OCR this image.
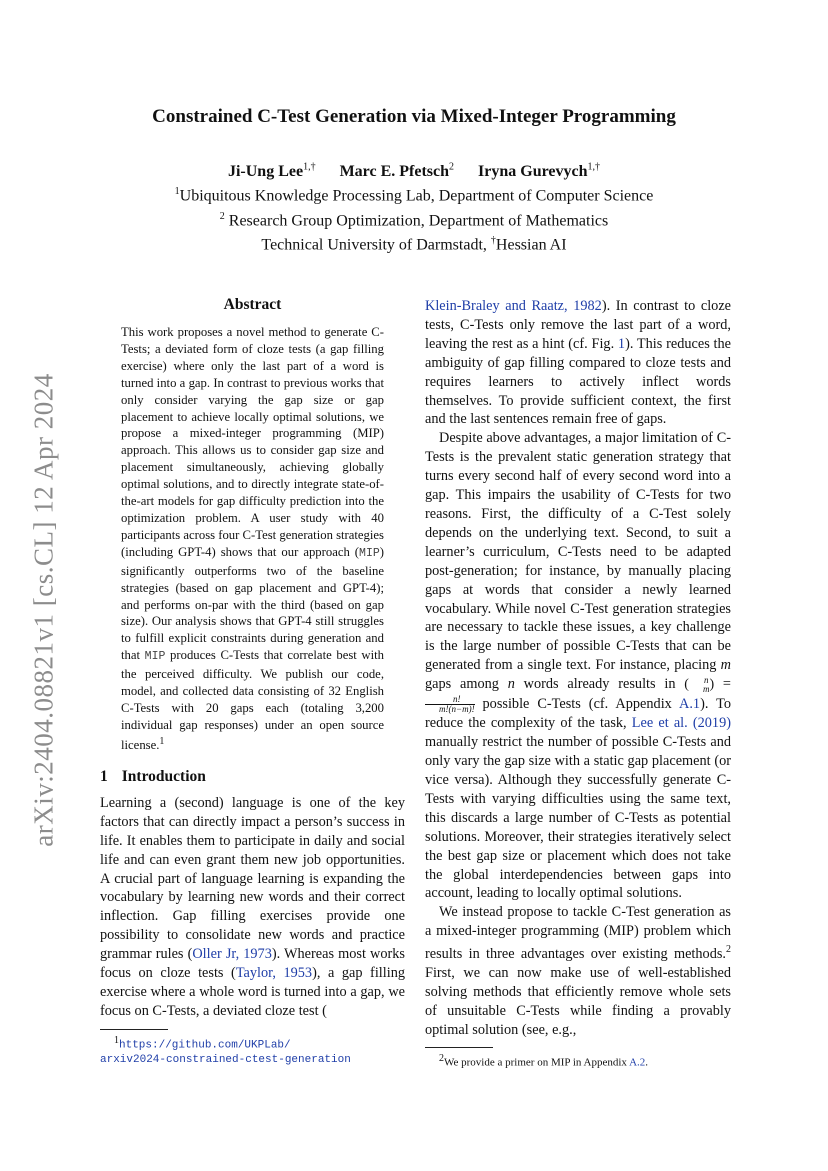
arXiv:2404.08821v1 [cs.CL] 12 Apr 2024
Constrained C-Test Generation via Mixed-Integer Programming
Ji-Ung Lee$^{1,\dagger}$ Marc E. Pfetsch$^2$ Iryna Gurevych$^{1,\dagger}$
$^1$Ubiquitous Knowledge Processing Lab, Department of Computer Science
$^2$ Research Group Optimization, Department of Mathematics
Technical University of Darmstadt, †Hessian AI
Abstract

This work proposes a novel method to generate C-Tests; a deviated form of cloze tests (a gap filling exercise) where only the last part of a word is turned into a gap. In contrast to previous works that only consider varying the gap size or gap placement to achieve locally optimal solutions, we propose a mixed-integer programming (MIP) approach. This allows us to consider gap size and placement simultaneously, achieving globally optimal solutions, and to directly integrate state-of-the-art models for gap difficulty prediction into the optimization problem. A user study with 40 participants across four C-Test generation strategies (including GPT-4) shows that our approach (MIP) significantly outperforms two of the baseline strategies (based on gap placement and GPT-4); and performs on-par with the third (based on gap size). Our analysis shows that GPT-4 still struggles to fulfill explicit constraints during generation and that MIP produces C-Tests that correlate best with the perceived difficulty. We publish our code, model, and collected data consisting of 32 English C-Tests with 20 gaps each (totaling 3,200 individual gap responses) under an open source license.$^1$

1 Introduction

Learning a (second) language is one of the key factors that can directly impact a person’s success in life. It enables them to participate in daily and social life and can even grant them new job opportunities. A crucial part of language learning is expanding the vocabulary by learning new words and their correct inflection. Gap filling exercises provide one possibility to consolidate new words and practice grammar rules (Oller Jr, 1973). Whereas most works focus on cloze tests (Taylor, 1953), a gap filling exercise where a whole word is turned into a gap, we focus on C-Tests, a deviated cloze test (

$^1$https://github.com/UKPLab/
arxiv2024-constrained-ctest-generation

Klein-Braley and Raatz, 1982). In contrast to cloze tests, C-Tests only remove the last part of a word, leaving the rest as a hint (cf. Fig. 1). This reduces the ambiguity of gap filling compared to cloze tests and requires learners to actively inflect words themselves. To provide sufficient context, the first and the last sentences remain free of gaps.

Despite above advantages, a major limitation of C-Tests is the prevalent static generation strategy that turns every second half of every second word into a gap. This impairs the usability of C-Tests for two reasons. First, the difficulty of a C-Test solely depends on the underlying text. Second, to suit a learner’s curriculum, C-Tests need to be adapted post-generation; for instance, by manually placing gaps at words that consider a newly learned vocabulary. While novel C-Test generation strategies are necessary to tackle these issues, a key challenge is the large number of possible C-Tests that can be generated from a single text. For instance, placing m gaps among n words already results in (	n
m ) =
$\frac{n!}{m!(n-m)!}$ possible C-Tests (cf. Appendix A.1). To reduce the complexity of the task, Lee et al. (2019) manually restrict the number of possible C-Tests and only vary the gap size with a static gap placement (or vice versa). Although they successfully generate C-Tests with varying difficulties using the same text, this discards a large number of C-Tests as potential solutions. Moreover, their strategies iteratively select the best gap size or placement which does not take the global interdependencies between gaps into account, leading to locally optimal solutions.

We instead propose to tackle C-Test generation as a mixed-integer programming (MIP) problem which results in three advantages over existing methods.$^2$ First, we can now make use of well-established solving methods that efficiently remove whole sets of unsuitable C-Tests while finding a provably optimal solution (see, e.g.,

$^2$We provide a primer on MIP in Appendix A.2.
